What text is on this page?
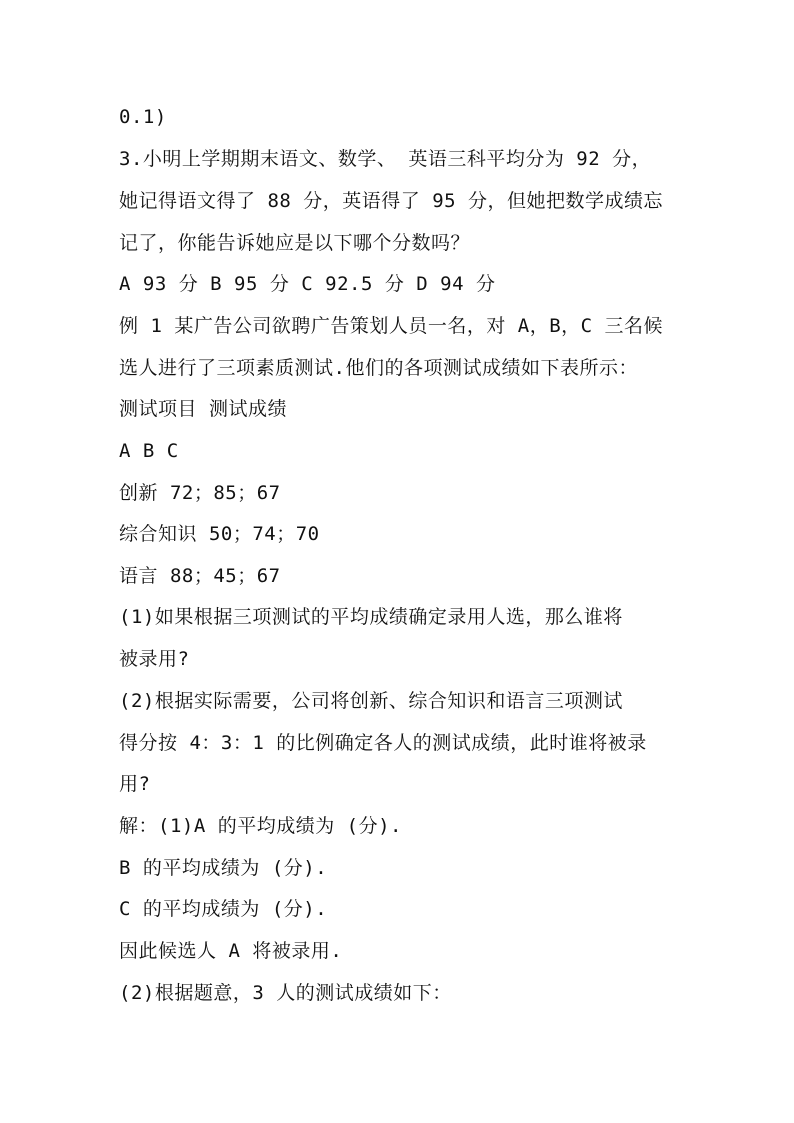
0.1)
3.小明上学期期末语文、数学、 英语三科平均分为 92 分，
她记得语文得了 88 分，英语得了 95 分，但她把数学成绩忘
记了，你能告诉她应是以下哪个分数吗？
A 93 分 B 95 分 C 92.5 分 D 94 分
例 1 某广告公司欲聘广告策划人员一名，对 A，B，C 三名候
选人进行了三项素质测试.他们的各项测试成绩如下表所示：
测试项目 测试成绩
A B C
创新 72；85；67
综合知识 50；74；70
语言 88；45；67
(1)如果根据三项测试的平均成绩确定录用人选，那么谁将
被录用?
(2)根据实际需要，公司将创新、综合知识和语言三项测试
得分按 4：3：1 的比例确定各人的测试成绩，此时谁将被录
用?
解：(1)A 的平均成绩为 (分).
B 的平均成绩为 (分).
C 的平均成绩为 (分).
因此候选人 A 将被录用.
(2)根据题意，3 人的测试成绩如下：
